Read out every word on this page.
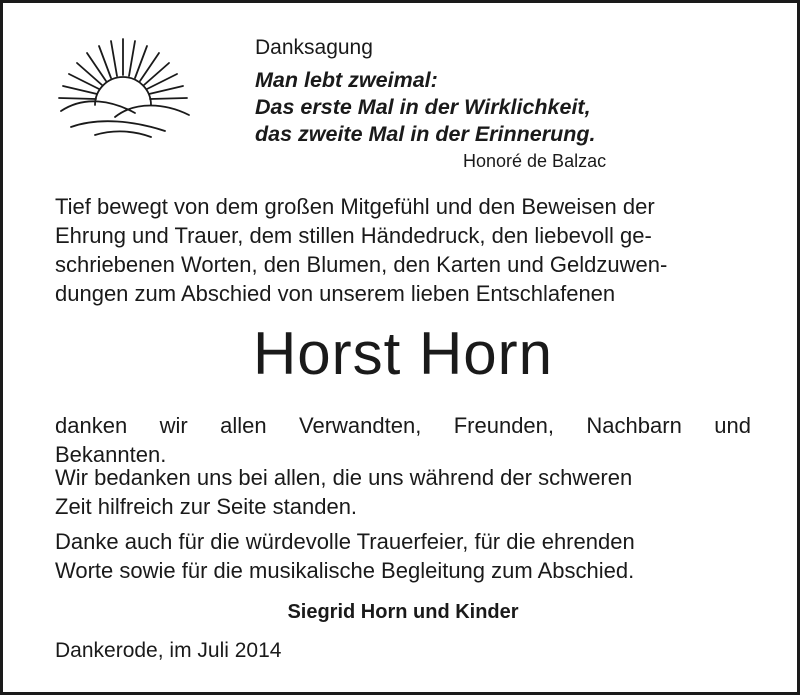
Danksagung
Man lebt zweimal:
Das erste Mal in der Wirklichkeit,
das zweite Mal in der Erinnerung.
Honoré de Balzac
Tief bewegt von dem großen Mitgefühl und den Beweisen der
Ehrung und Trauer, dem stillen Händedruck, den liebevoll ge-
schriebenen Worten, den Blumen, den Karten und Geldzuwen-
dungen zum Abschied von unserem lieben Entschlafenen
Horst Horn
danken wir allen Verwandten, Freunden, Nachbarn und
Bekannten.
Wir bedanken uns bei allen, die uns während der schweren
Zeit hilfreich zur Seite standen.
Danke auch für die würdevolle Trauerfeier, für die ehrenden
Worte sowie für die musikalische Begleitung zum Abschied.
Siegrid Horn und Kinder
Dankerode, im Juli 2014
